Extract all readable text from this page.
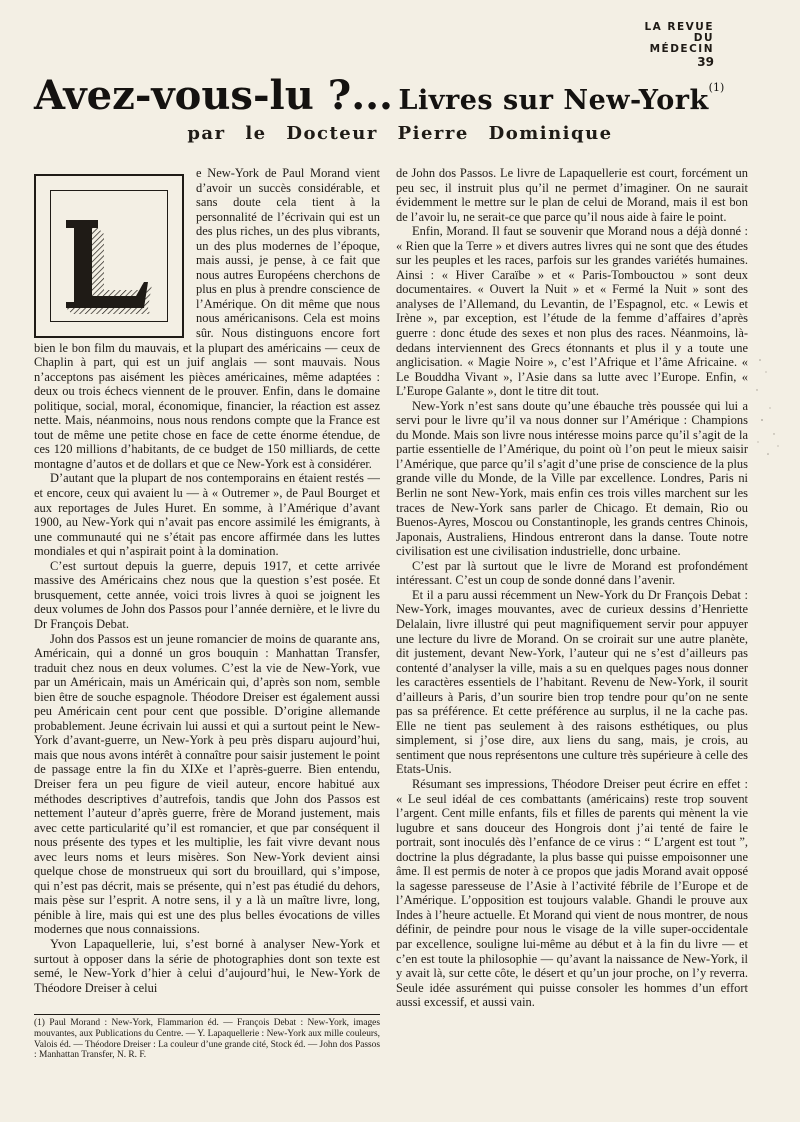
LA REVUE
DU
MÉDECIN
39
Avez-vous-lu ?... Livres sur New-York$^{(1)}$
par le Docteur Pierre Dominique

e New-York de Paul Morand vient d’avoir un succès considérable, et sans doute cela tient à la personnalité de l’écrivain qui est un des plus riches, un des plus vibrants, un des plus modernes de l’époque, mais aussi, je pense, à ce fait que nous autres Européens cherchons de plus en plus à prendre conscience de l’Amérique. On dit même que nous nous américanisons. Cela est moins sûr. Nous distinguons encore fort bien le bon film du mauvais, et la plupart des américains — ceux de Chaplin à part, qui est un juif anglais — sont mauvais. Nous n’acceptons pas aisément les pièces américaines, même adaptées : deux ou trois échecs viennent de le prouver. Enfin, dans le domaine politique, social, moral, économique, financier, la réaction est assez nette. Mais, néanmoins, nous nous rendons compte que la France est tout de même une petite chose en face de cette énorme étendue, de ces 120 millions d’habitants, de ce budget de 150 milliards, de cette montagne d’autos et de dollars et que ce New-York est à considérer.

D’autant que la plupart de nos contemporains en étaient restés — et encore, ceux qui avaient lu — à « Outremer », de Paul Bourget et aux reportages de Jules Huret. En somme, à l’Amérique d’avant 1900, au New-York qui n’avait pas encore assimilé les émigrants, à une communauté qui ne s’était pas encore affirmée dans les luttes mondiales et qui n’aspirait point à la domination.

C’est surtout depuis la guerre, depuis 1917, et cette arrivée massive des Américains chez nous que la question s’est posée. Et brusquement, cette année, voici trois livres à quoi se joignent les deux volumes de John dos Passos pour l’année dernière, et le livre du Dr François Debat.

John dos Passos est un jeune romancier de moins de quarante ans, Américain, qui a donné un gros bouquin : Manhattan Transfer, traduit chez nous en deux volumes. C’est la vie de New-York, vue par un Américain, mais un Américain qui, d’après son nom, semble bien être de souche espagnole. Théodore Dreiser est également aussi peu Américain cent pour cent que possible. D’origine allemande probablement. Jeune écrivain lui aussi et qui a surtout peint le New-York d’avant-guerre, un New-York à peu près disparu aujourd’hui, mais que nous avons intérêt à connaître pour saisir justement le point de passage entre la fin du XIXe et l’après-guerre. Bien entendu, Dreiser fera un peu figure de vieil auteur, encore habitué aux méthodes descriptives d’autrefois, tandis que John dos Passos est nettement l’auteur d’après guerre, frère de Morand justement, mais avec cette particularité qu’il est romancier, et que par conséquent il nous présente des types et les multiplie, les fait vivre devant nous avec leurs noms et leurs misères. Son New-York devient ainsi quelque chose de monstrueux qui sort du brouillard, qui s’impose, qui n’est pas décrit, mais se présente, qui n’est pas étudié du dehors, mais pèse sur l’esprit. A notre sens, il y a là un maître livre, long, pénible à lire, mais qui est une des plus belles évocations de villes modernes que nous connaissions.

Yvon Lapaquellerie, lui, s’est borné à analyser New-York et surtout à opposer dans la série de photographies dont son texte est semé, le New-York d’hier à celui d’aujourd’hui, le New-York de Théodore Dreiser à celui

(1) Paul Morand : New-York, Flammarion éd. — François Debat : New-York, images mouvantes, aux Publications du Centre. — Y. Lapaquellerie : New-York aux mille couleurs, Valois éd. — Théodore Dreiser : La couleur d’une grande cité, Stock éd. — John dos Passos : Manhattan Transfer, N. R. F.

de John dos Passos. Le livre de Lapaquellerie est court, forcément un peu sec, il instruit plus qu’il ne permet d’imaginer. On ne saurait évidemment le mettre sur le plan de celui de Morand, mais il est bon de l’avoir lu, ne serait-ce que parce qu’il nous aide à faire le point.

Enfin, Morand. Il faut se souvenir que Morand nous a déjà donné : « Rien que la Terre » et divers autres livres qui ne sont que des études sur les peuples et les races, parfois sur les grandes variétés humaines. Ainsi : « Hiver Caraïbe » et « Paris-Tombouctou » sont deux documentaires. « Ouvert la Nuit » et « Fermé la Nuit » sont des analyses de l’Allemand, du Levantin, de l’Espagnol, etc. « Lewis et Irène », par exception, est l’étude de la femme d’affaires d’après guerre : donc étude des sexes et non plus des races. Néanmoins, là-dedans interviennent des Grecs étonnants et plus il y a toute une anglicisation. « Magie Noire », c’est l’Afrique et l’âme Africaine. « Le Bouddha Vivant », l’Asie dans sa lutte avec l’Europe. Enfin, « L’Europe Galante », dont le titre dit tout.

New-York n’est sans doute qu’une ébauche très poussée qui lui a servi pour le livre qu’il va nous donner sur l’Amérique : Champions du Monde. Mais son livre nous intéresse moins parce qu’il s’agit de la partie essentielle de l’Amérique, du point où l’on peut le mieux saisir l’Amérique, que parce qu’il s’agit d’une prise de conscience de la plus grande ville du Monde, de la Ville par excellence. Londres, Paris ni Berlin ne sont New-York, mais enfin ces trois villes marchent sur les traces de New-York sans parler de Chicago. Et demain, Rio ou Buenos-Ayres, Moscou ou Constantinople, les grands centres Chinois, Japonais, Australiens, Hindous entreront dans la danse. Toute notre civilisation est une civilisation industrielle, donc urbaine.

C’est par là surtout que le livre de Morand est profondément intéressant. C’est un coup de sonde donné dans l’avenir.

Et il a paru aussi récemment un New-York du Dr François Debat : New-York, images mouvantes, avec de curieux dessins d’Henriette Delalain, livre illustré qui peut magnifiquement servir pour appuyer une lecture du livre de Morand. On se croirait sur une autre planète, dit justement, devant New-York, l’auteur qui ne s’est d’ailleurs pas contenté d’analyser la ville, mais a su en quelques pages nous donner les caractères essentiels de l’habitant. Revenu de New-York, il sourit d’ailleurs à Paris, d’un sourire bien trop tendre pour qu’on ne sente pas sa préférence. Et cette préférence au surplus, il ne la cache pas. Elle ne tient pas seulement à des raisons esthétiques, ou plus simplement, si j’ose dire, aux liens du sang, mais, je crois, au sentiment que nous représentons une culture très supérieure à celle des Etats-Unis.

Résumant ses impressions, Théodore Dreiser peut écrire en effet : « Le seul idéal de ces combattants (américains) reste trop souvent l’argent. Cent mille enfants, fils et filles de parents qui mènent la vie lugubre et sans douceur des Hongrois dont j’ai tenté de faire le portrait, sont inoculés dès l’enfance de ce virus : “ L’argent est tout ”, doctrine la plus dégradante, la plus basse qui puisse empoisonner une âme. Il est permis de noter à ce propos que jadis Morand avait opposé la sagesse paresseuse de l’Asie à l’activité fébrile de l’Europe et de l’Amérique. L’opposition est toujours valable. Ghandi le prouve aux Indes à l’heure actuelle. Et Morand qui vient de nous montrer, de nous définir, de peindre pour nous le visage de la ville super-occidentale par excellence, souligne lui-même au début et à la fin du livre — et c’en est toute la philosophie — qu’avant la naissance de New-York, il y avait là, sur cette côte, le désert et qu’un jour proche, on l’y reverra. Seule idée assurément qui puisse consoler les hommes d’un effort aussi excessif, et aussi vain.
